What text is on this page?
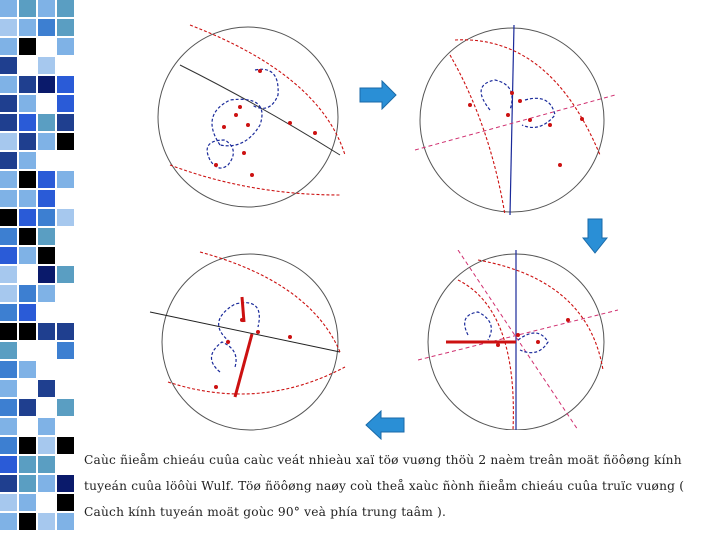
Caùc ñieåm chieáu cuûa caùc veát nhieàu xaï töø vuøng thöù 2 naèm treân moät ñöôøng kính tuyeán cuûa löôùi Wulf. Töø ñöôøng naøy coù theå xaùc ñònh ñieåm chieáu cuûa truïc vuøng ( Caùch kính tuyeán moät goùc 90° veà phía trung taâm ).
